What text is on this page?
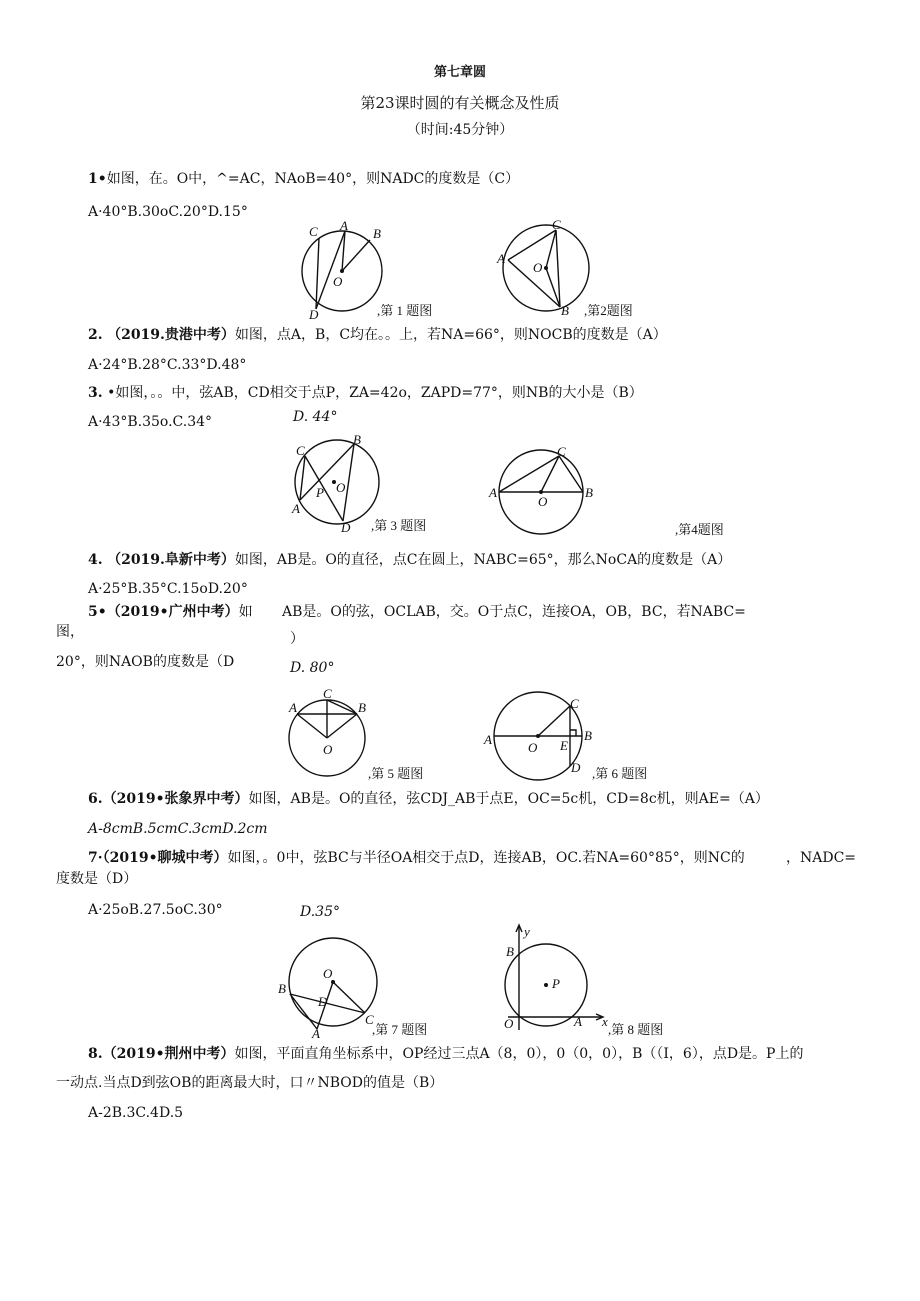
第七章圆
第23课时圆的有关概念及性质
（时间:45分钟）
1•如图，在。O中，^=AC，NAoB=40°，则NADC的度数是（C）
A·40°B.30oC.20°D.15°
C A
B
O
D	,第 1 题图
C
A
O
B ,第2题图
2. （2019.贵港中考）如图，点A，B，C均在。。上，若NA=66°，则NOCB的度数是（A）
A·24°B.28°C.33°D.48°
3. •如图，。。中，弦AB，CD相交于点P，ZA=42o，ZAPD=77°，则NB的大小是（B）
A·43°B.35o.C.34°	D. 44°
C
B
P O
A
D ,第 3 题图
C
A	B
O
,第4题图
4. （2019.阜新中考）如图，AB是。O的直径，点C在圆上，NABC=65°，那么NoCA的度数是（A）
A·25°B.35°C.15oD.20°
5•（2019•广州中考）如
图，
AB是。O的弦，OCLAB，交。O于点C，连接OA，OB，BC，若NABC=
）
20°，则NAOB的度数是（D	D. 80°
C
A	B
O
,第 5 题图
C
A
O E
B
D ,第 6 题图
6.（2019•张象界中考）如图，AB是。O的直径，弦CDJ_AB于点E，OC=5c机，CD=8c机，则AE=（A）
A-8cmB.5cmC.3cmD.2cm
7·（2019•聊城中考）如图，。0中，弦BC与半径OA相交于点D，连接AB，OC.若NA=60°85°，则NC的	，NADC=
度数是（D）
A·25oB.27.5oC.30°	D.35°
O
B
D
A
C
,第 7 题图
y
B
P
O	A x
,第 8 题图
8.（2019•荆州中考）如图，平面直角坐标系中，OP经过三点A（8，0），0（0，0），B（（I，6），点D是。P上的
一动点.当点D到弦OB的距离最大时，口〃NBOD的值是（B）
A-2B.3C.4D.5
